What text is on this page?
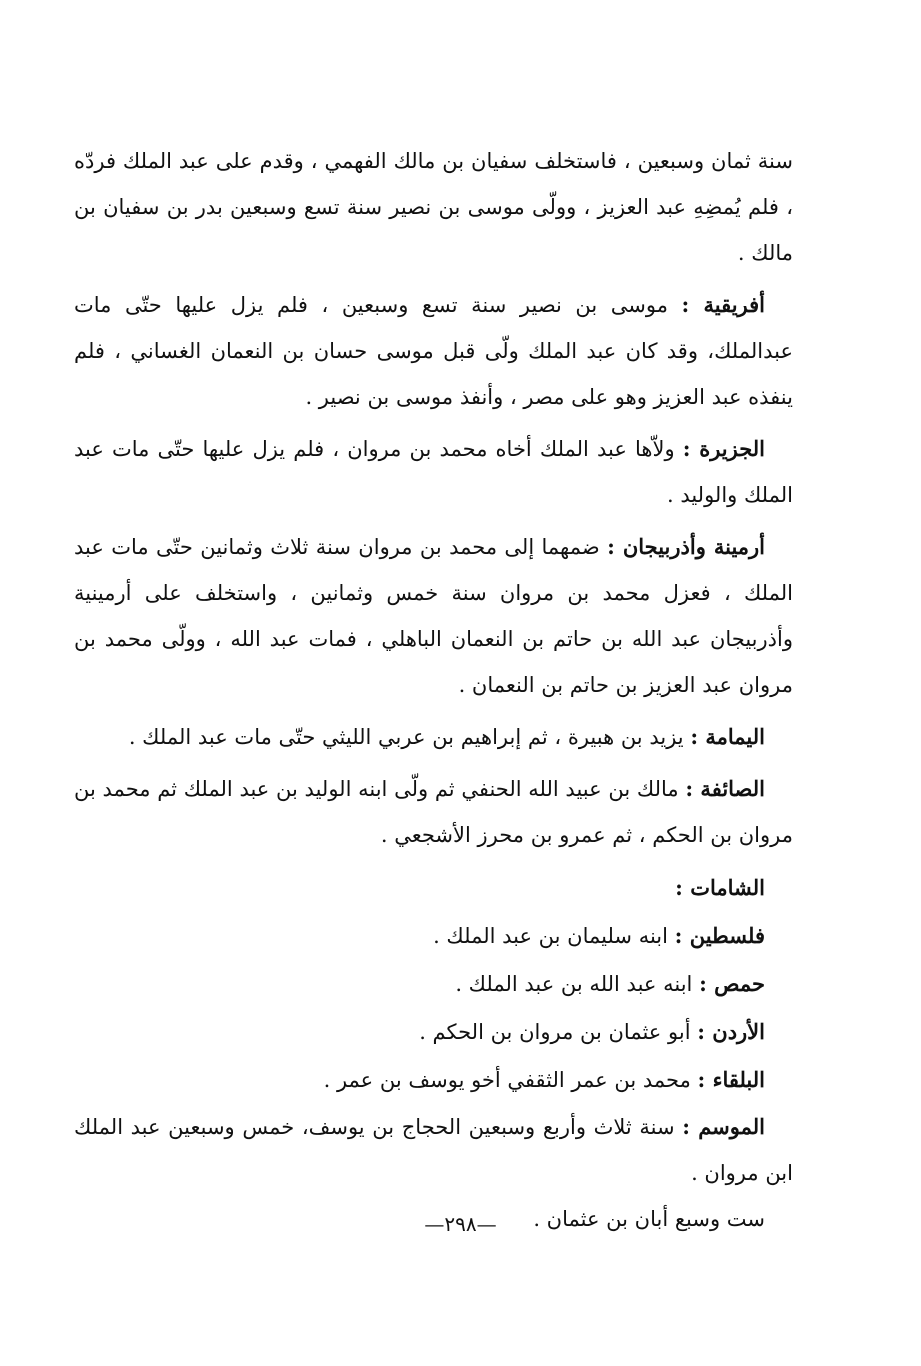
سنة ثمان وسبعين ، فاستخلف سفيان بن مالك الفهمي ، وقدم على عبد الملك فردّه ، فلم يُمضِهِ عبد العزيز ، وولّى موسى بن نصير سنة تسع وسبعين بدر بن سفيان بن مالك .

أفريقية : موسى بن نصير سنة تسع وسبعين ، فلم يزل عليها حتّى مات عبدالملك، وقد كان عبد الملك ولّى قبل موسى حسان بن النعمان الغساني ، فلم ينفذه عبد العزيز وهو على مصر ، وأنفذ موسى بن نصير .

الجزيرة : ولاّها عبد الملك أخاه محمد بن مروان ، فلم يزل عليها حتّى مات عبد الملك والوليد .

أرمينة وأذربيجان : ضمهما إلى محمد بن مروان سنة ثلاث وثمانين حتّى مات عبد الملك ، فعزل محمد بن مروان سنة خمس وثمانين ، واستخلف على أرمينية وأذربيجان عبد الله بن حاتم بن النعمان الباهلي ، فمات عبد الله ، وولّى محمد بن مروان عبد العزيز بن حاتم بن النعمان .

اليمامة : يزيد بن هبيرة ، ثم إبراهيم بن عربي الليثي حتّى مات عبد الملك .

الصائفة : مالك بن عبيد الله الحنفي ثم ولّى ابنه الوليد بن عبد الملك ثم محمد بن مروان بن الحكم ، ثم عمرو بن محرز الأشجعي .

الشامات :

فلسطين : ابنه سليمان بن عبد الملك .

حمص : ابنه عبد الله بن عبد الملك .

الأردن : أبو عثمان بن مروان بن الحكم .

البلقاء : محمد بن عمر الثقفي أخو يوسف بن عمر .

الموسم : سنة ثلاث وأربع وسبعين الحجاج بن يوسف، خمس وسبعين عبد الملك ابن مروان .

ست وسبع أبان بن عثمان .

—٢٩٨—
